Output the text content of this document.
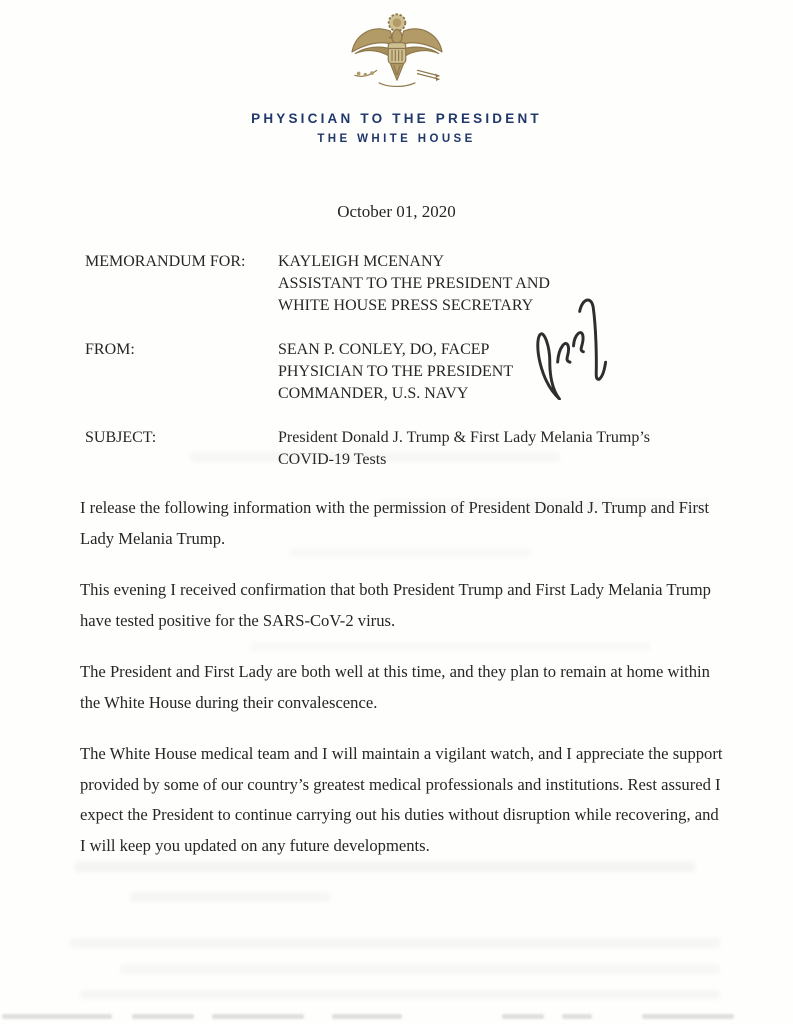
PHYSICIAN TO THE PRESIDENT
THE WHITE HOUSE
October 01, 2020
MEMORANDUM FOR:	KAYLEIGH MCENANY
ASSISTANT TO THE PRESIDENT AND
WHITE HOUSE PRESS SECRETARY
FROM:	SEAN P. CONLEY, DO, FACEP
PHYSICIAN TO THE PRESIDENT
COMMANDER, U.S. NAVY
SUBJECT:	President Donald J. Trump & First Lady Melania Trump’s
COVID-19 Tests
I release the following information with the permission of President Donald J. Trump and First
Lady Melania Trump.
This evening I received confirmation that both President Trump and First Lady Melania Trump
have tested positive for the SARS-CoV-2 virus.
The President and First Lady are both well at this time, and they plan to remain at home within
the White House during their convalescence.
The White House medical team and I will maintain a vigilant watch, and I appreciate the support
provided by some of our country’s greatest medical professionals and institutions. Rest assured I
expect the President to continue carrying out his duties without disruption while recovering, and
I will keep you updated on any future developments.
